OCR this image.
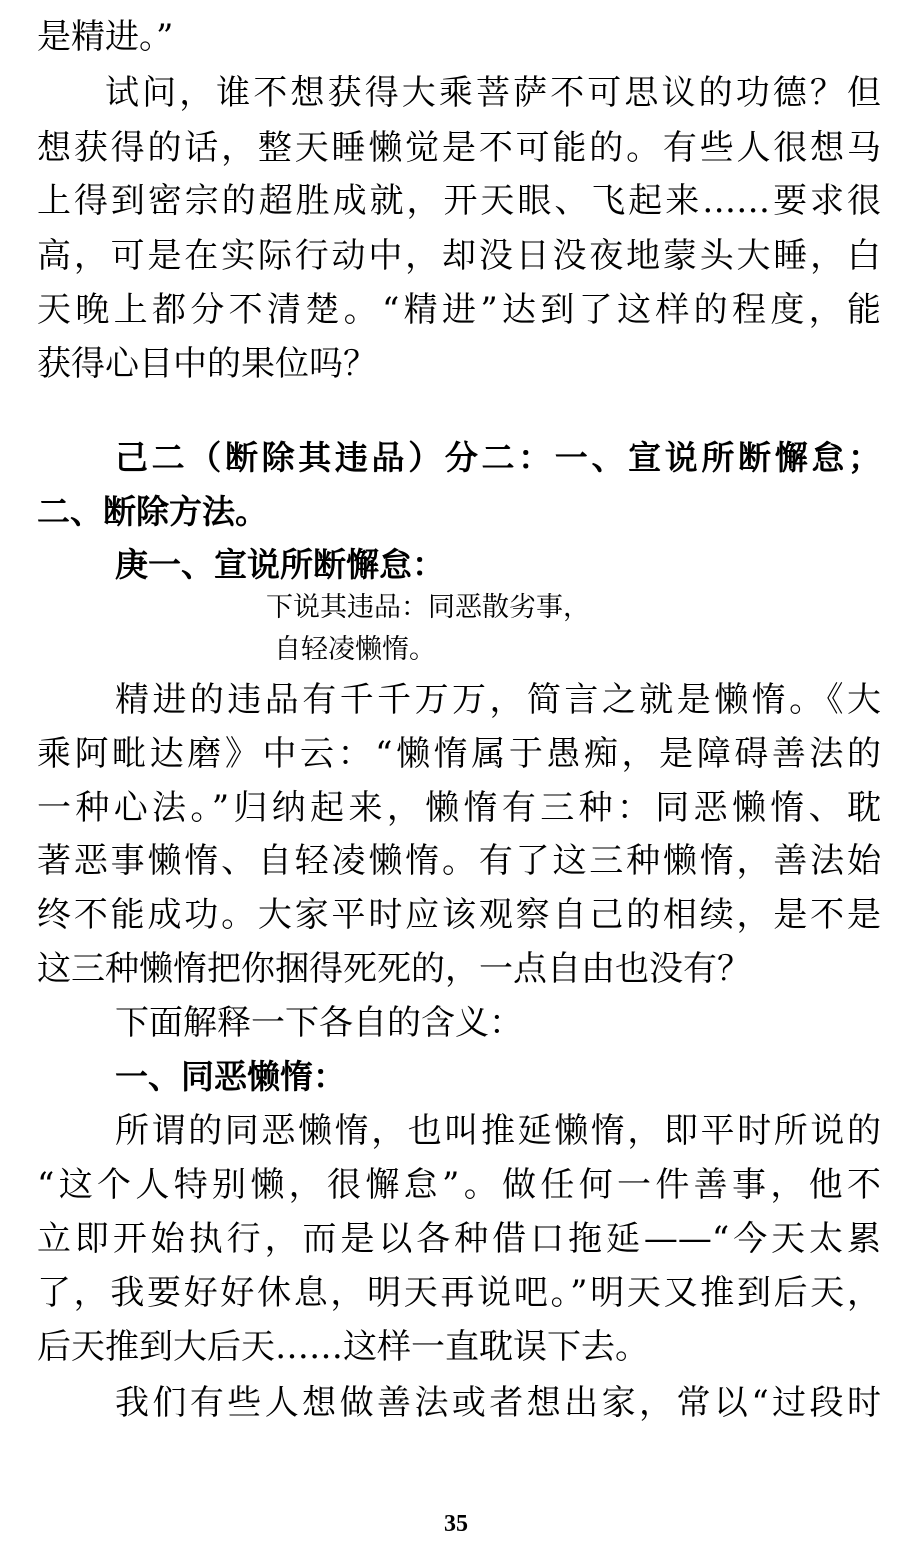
是精进。”
试问，谁不想获得大乘菩萨不可思议的功德？但
想获得的话，整天睡懒觉是不可能的。有些人很想马
上得到密宗的超胜成就，开天眼、飞起来……要求很
高，可是在实际行动中，却没日没夜地蒙头大睡，白
天晚上都分不清楚。“精进”达到了这样的程度，能
获得心目中的果位吗？
己二（断除其违品）分二：一、宣说所断懈怠；
二、断除方法。
庚一、宣说所断懈怠：
下说其违品：同恶散劣事，
自轻凌懒惰。
精进的违品有千千万万，简言之就是懒惰。《大
乘阿毗达磨》中云：“懒惰属于愚痴，是障碍善法的
一种心法。”归纳起来，懒惰有三种：同恶懒惰、耽
著恶事懒惰、自轻凌懒惰。有了这三种懒惰，善法始
终不能成功。大家平时应该观察自己的相续，是不是
这三种懒惰把你捆得死死的，一点自由也没有？
下面解释一下各自的含义：
一、同恶懒惰：
所谓的同恶懒惰，也叫推延懒惰，即平时所说的
“这个人特别懒，很懈怠”。做任何一件善事，他不
立即开始执行，而是以各种借口拖延——“今天太累
了，我要好好休息，明天再说吧。”明天又推到后天，
后天推到大后天……这样一直耽误下去。
我们有些人想做善法或者想出家，常以“过段时
35
